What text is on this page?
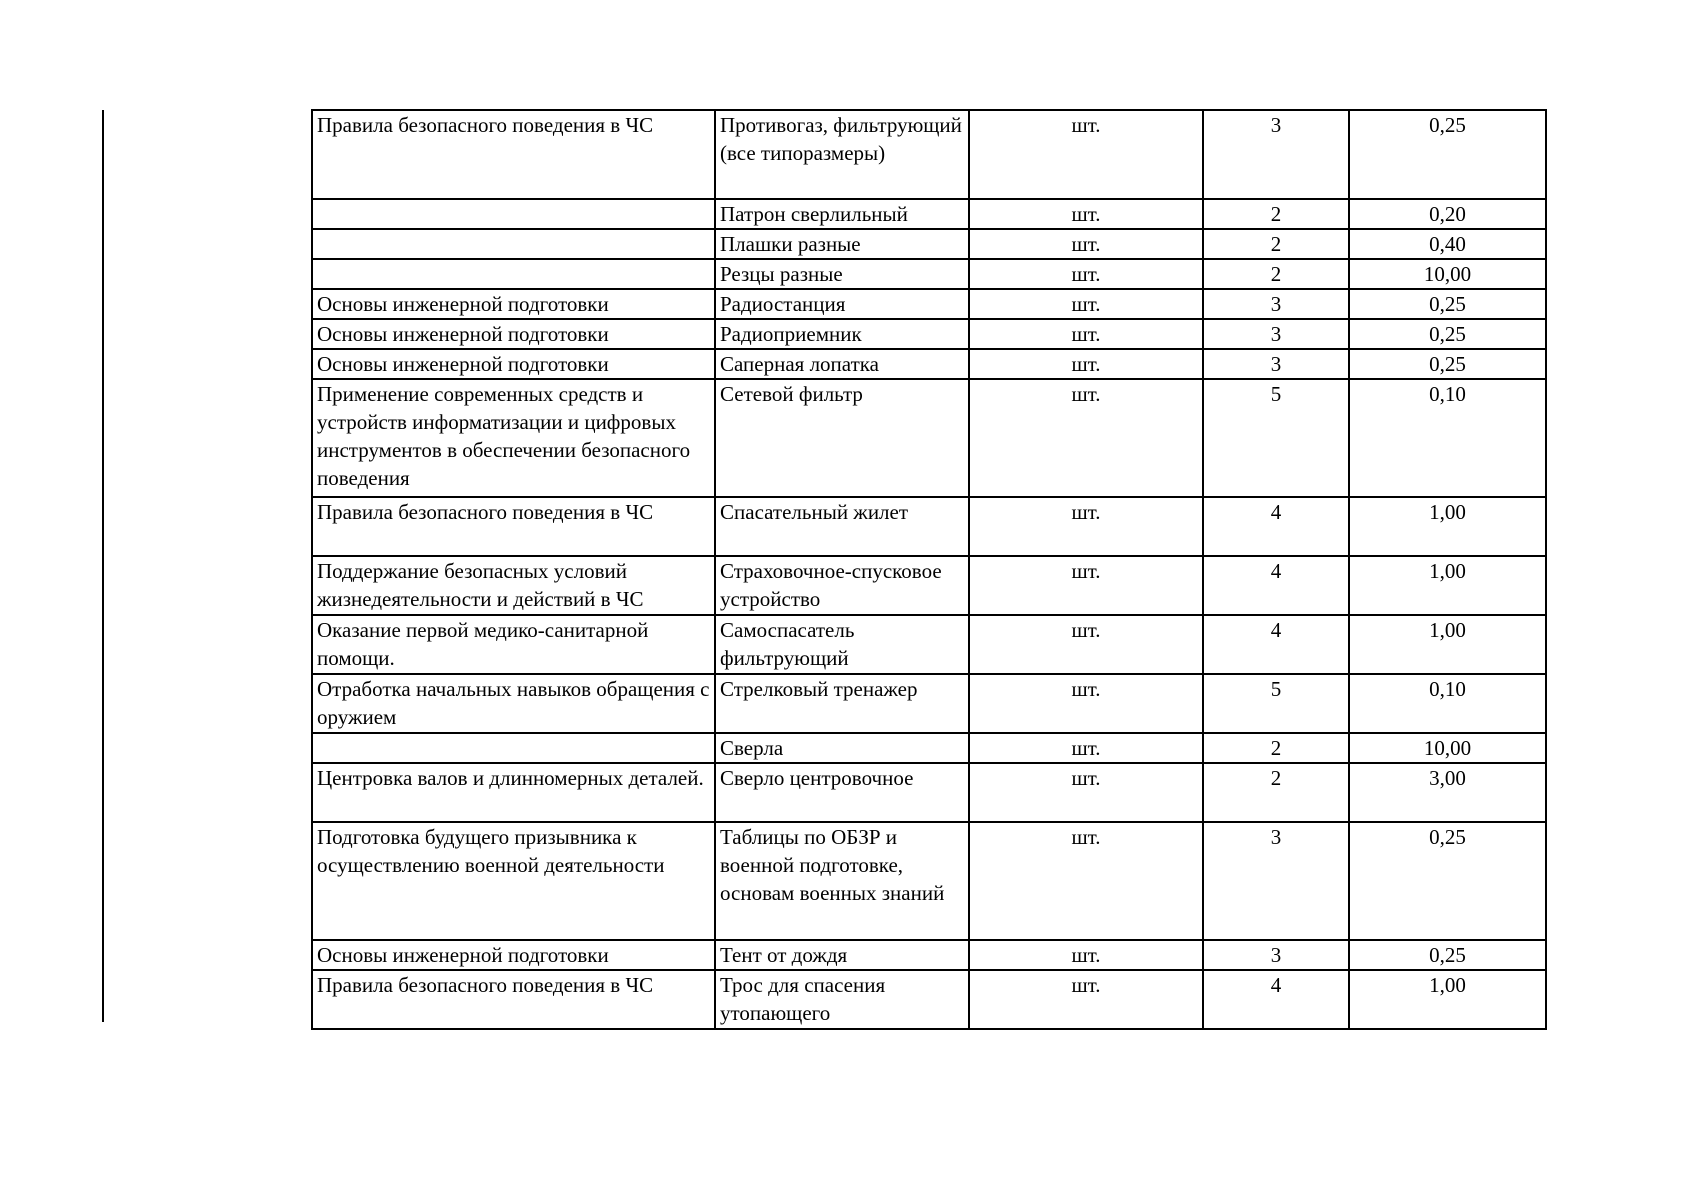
Правила безопасного поведения в ЧС	Противогаз, фильтрующий (все типоразмеры)	шт.	3	0,25
	Патрон сверлильный	шт.	2	0,20
	Плашки разные	шт.	2	0,40
	Резцы разные	шт.	2	10,00
Основы инженерной подготовки	Радиостанция	шт.	3	0,25
Основы инженерной подготовки	Радиоприемник	шт.	3	0,25
Основы инженерной подготовки	Саперная лопатка	шт.	3	0,25
Применение современных средств и устройств информатизации и цифровых инструментов в обеспечении безопасного поведения	Сетевой фильтр	шт.	5	0,10
Правила безопасного поведения в ЧС	Спасательный жилет	шт.	4	1,00
Поддержание безопасных условий жизнедеятельности и действий в ЧС	Страховочное-спусковое устройство	шт.	4	1,00
Оказание первой медико-санитарной помощи.	Самоспасатель фильтрующий	шт.	4	1,00
Отработка начальных навыков обращения с оружием	Стрелковый тренажер	шт.	5	0,10
	Сверла	шт.	2	10,00
Центровка валов и длинномерных деталей.	Сверло центровочное	шт.	2	3,00
Подготовка будущего призывника к осуществлению военной деятельности	Таблицы по ОБЗР и военной подготовке, основам военных знаний	шт.	3	0,25
Основы инженерной подготовки	Тент от дождя	шт.	3	0,25
Правила безопасного поведения в ЧС	Трос для спасения утопающего	шт.	4	1,00
